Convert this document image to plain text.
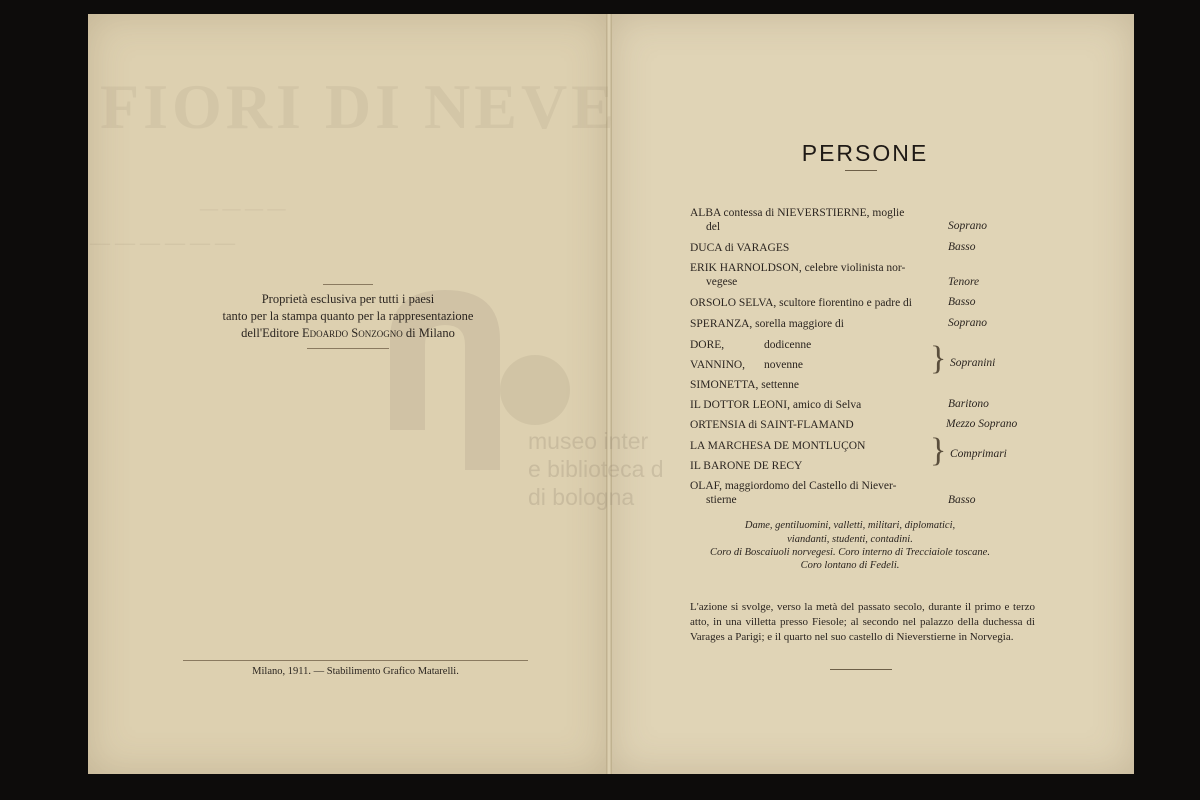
FIORI DI NEVE
— — — —
— — — — — —
museo inter
e biblioteca d
di bologna
Proprietà esclusiva per tutti i paesi
tanto per la stampa quanto per la rappresentazione
dell'Editore Edoardo Sonzogno di Milano
Milano, 1911. — Stabilimento Grafico Matarelli.
PERSONE
ALBA contessa di NIEVERSTIERNE, moglie
del	Soprano
DUCA di VARAGES	Basso
ERIK HARNOLDSON, celebre violinista nor-
vegese	Tenore
ORSOLO SELVA, scultore fiorentino e padre di	Basso
SPERANZA, sorella maggiore di	Soprano
DORE,	dodicenne
VANNINO, novenne
SIMONETTA, settenne
} Sopranini
IL DOTTOR LEONI, amico di Selva	Baritono
ORTENSIA di SAINT-FLAMAND	Mezzo Soprano
LA MARCHESA DE MONTLUÇON
IL BARONE DE RECY	} Comprimari
OLAF, maggiordomo del Castello di Niever-
stierne	Basso
Dame, gentiluomini, valletti, militari, diplomatici,
viandanti, studenti, contadini.
Coro di Boscaiuoli norvegesi. Coro interno di Trecciaiole toscane.
Coro lontano di Fedeli.
L'azione si svolge, verso la metà del passato secolo, durante il primo e terzo atto, in una villetta presso Fiesole; al secondo nel palazzo della duchessa di Varages a Parigi; e il quarto nel suo castello di Nieverstierne in Norvegia.
